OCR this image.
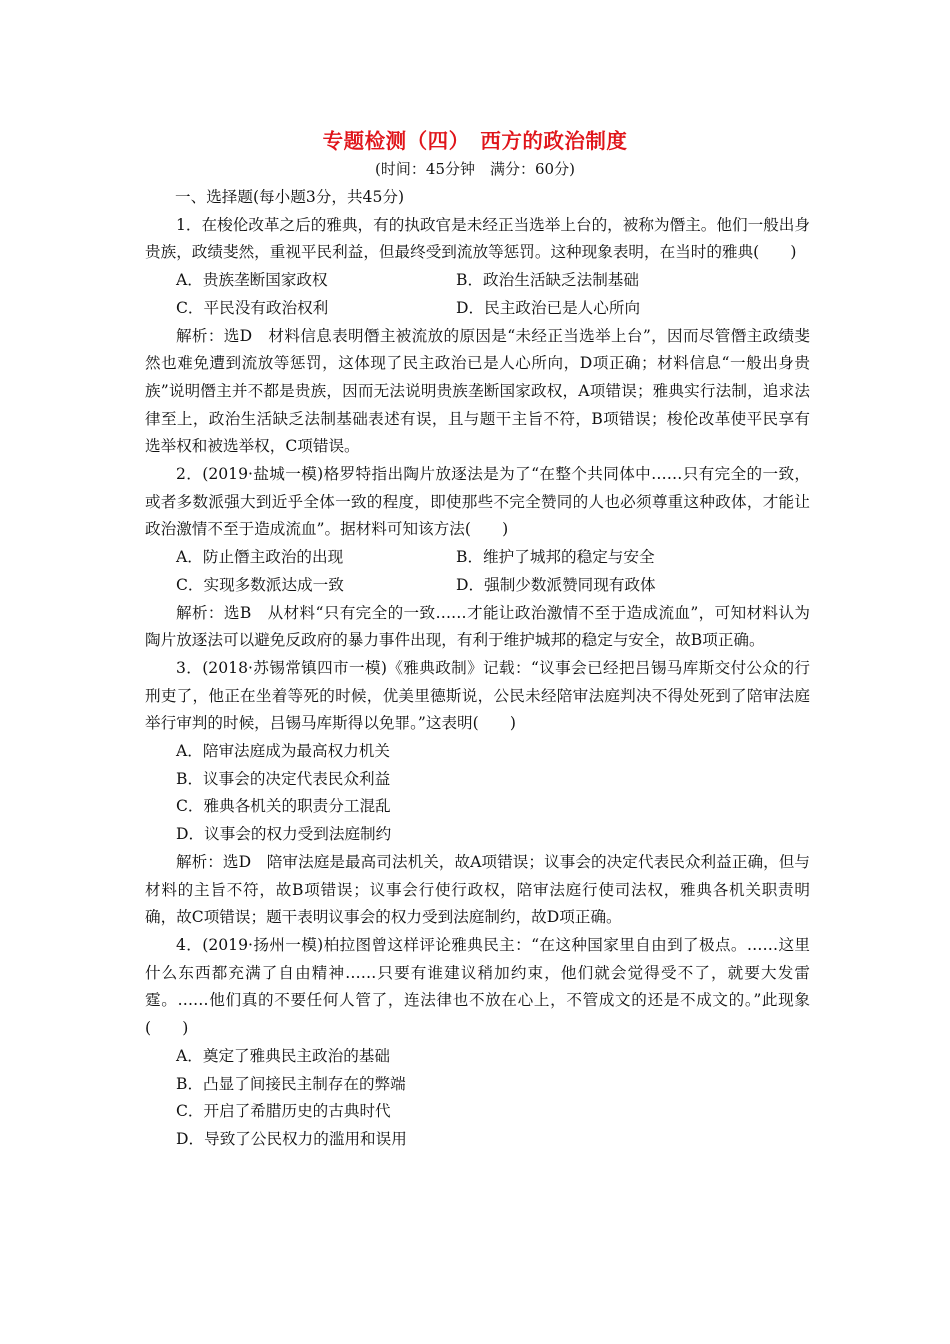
专题检测（四）　西方的政治制度
(时间：45分钟　满分：60分)

一、选择题(每小题3分，共45分)

1．在梭伦改革之后的雅典，有的执政官是未经正当选举上台的，被称为僭主。他们一般出身贵族，政绩斐然，重视平民利益，但最终受到流放等惩罚。这种现象表明，在当时的雅典(　　)

A．贵族垄断国家政权	B．政治生活缺乏法制基础
C．平民没有政治权利	D．民主政治已是人心所向

解析：选D　材料信息表明僭主被流放的原因是“未经正当选举上台”，因而尽管僭主政绩斐然也难免遭到流放等惩罚，这体现了民主政治已是人心所向，D项正确；材料信息“一般出身贵族”说明僭主并不都是贵族，因而无法说明贵族垄断国家政权，A项错误；雅典实行法制，追求法律至上，政治生活缺乏法制基础表述有误，且与题干主旨不符，B项错误；梭伦改革使平民享有选举权和被选举权，C项错误。

2．(2019·盐城一模)格罗特指出陶片放逐法是为了“在整个共同体中……只有完全的一致，或者多数派强大到近乎全体一致的程度，即使那些不完全赞同的人也必须尊重这种政体，才能让政治激情不至于造成流血”。据材料可知该方法(　　)

A．防止僭主政治的出现	B．维护了城邦的稳定与安全
C．实现多数派达成一致	D．强制少数派赞同现有政体

解析：选B　从材料“只有完全的一致……才能让政治激情不至于造成流血”，可知材料认为陶片放逐法可以避免反政府的暴力事件出现，有利于维护城邦的稳定与安全，故B项正确。

3．(2018·苏锡常镇四市一模)《雅典政制》记载：“议事会已经把吕锡马库斯交付公众的行刑吏了，他正在坐着等死的时候，优美里德斯说，公民未经陪审法庭判决不得处死到了陪审法庭举行审判的时候，吕锡马库斯得以免罪。”这表明(　　)

A．陪审法庭成为最高权力机关

B．议事会的决定代表民众利益

C．雅典各机关的职责分工混乱

D．议事会的权力受到法庭制约

解析：选D　陪审法庭是最高司法机关，故A项错误；议事会的决定代表民众利益正确，但与材料的主旨不符，故B项错误；议事会行使行政权，陪审法庭行使司法权，雅典各机关职责明确，故C项错误；题干表明议事会的权力受到法庭制约，故D项正确。

4．(2019·扬州一模)柏拉图曾这样评论雅典民主：“在这种国家里自由到了极点。……这里什么东西都充满了自由精神……只要有谁建议稍加约束，他们就会觉得受不了，就要大发雷霆。……他们真的不要任何人管了，连法律也不放在心上，不管成文的还是不成文的。”此现象(　　)

A．奠定了雅典民主政治的基础

B．凸显了间接民主制存在的弊端

C．开启了希腊历史的古典时代

D．导致了公民权力的滥用和误用
